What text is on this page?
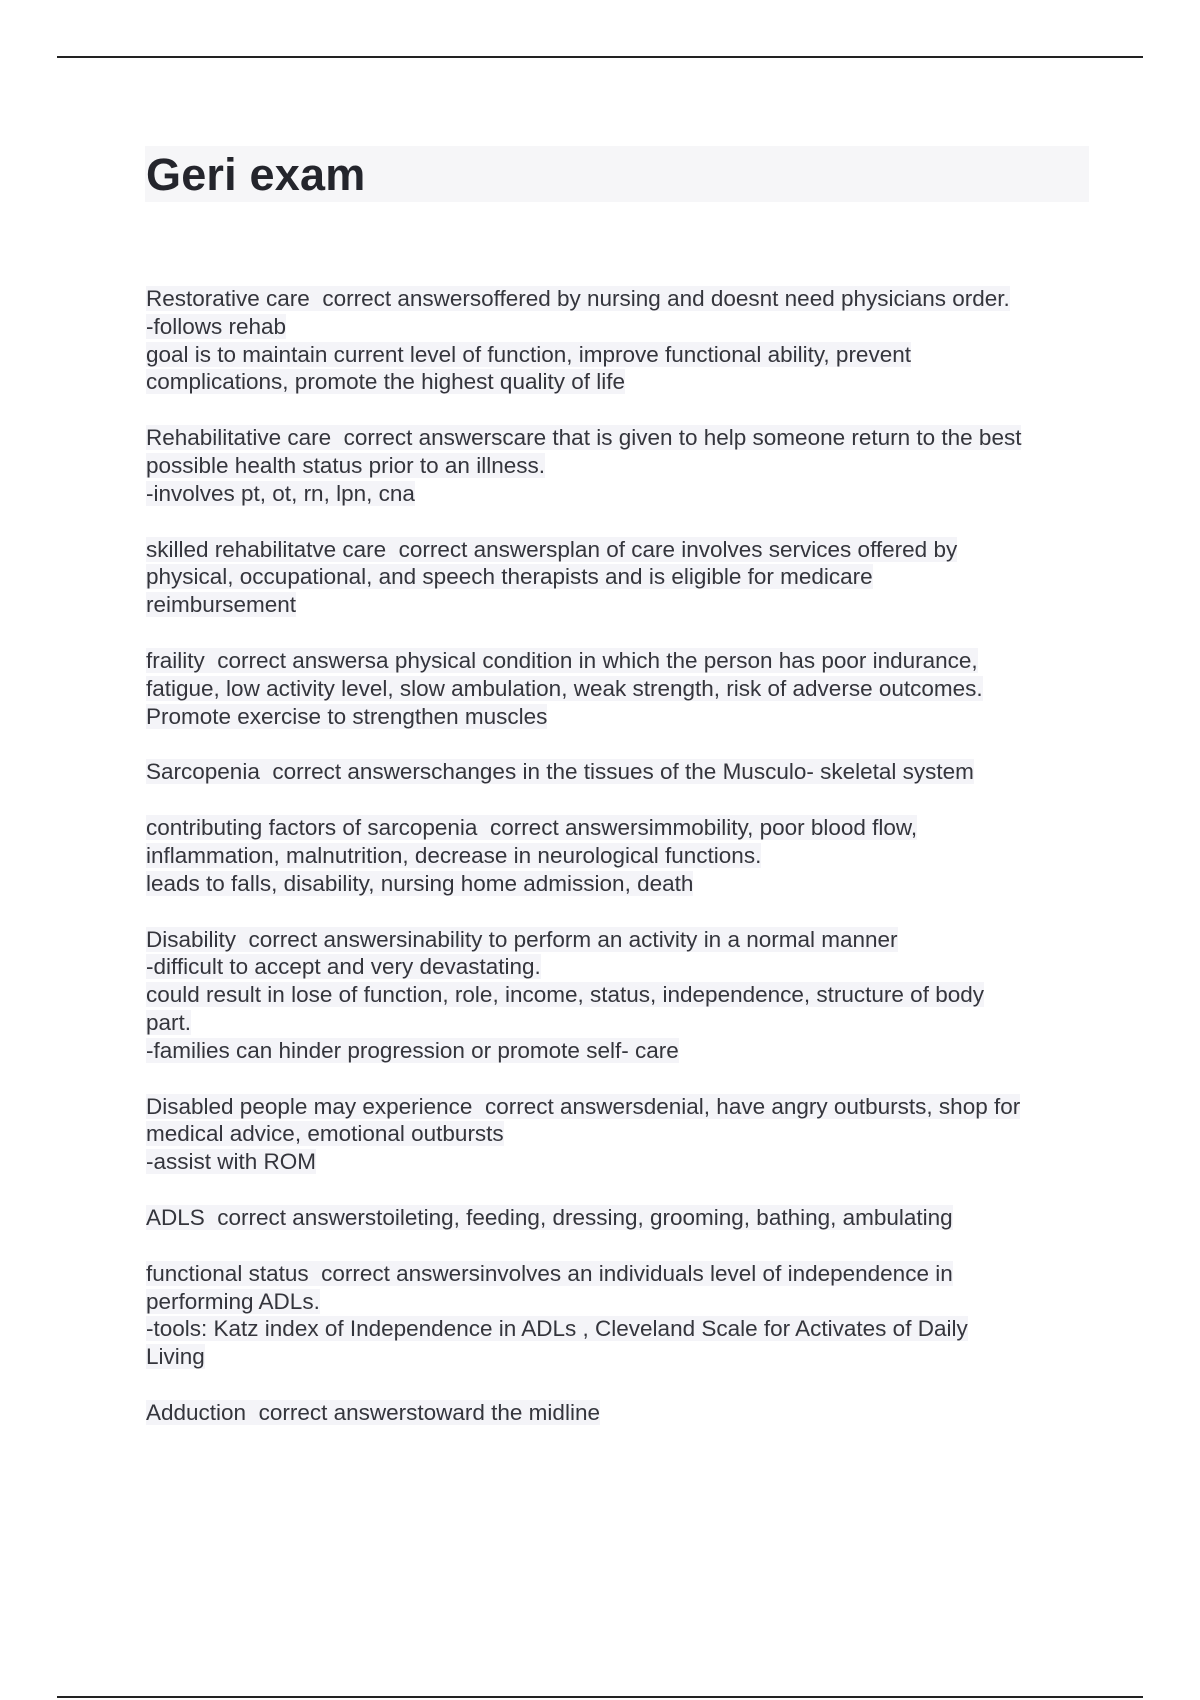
Geri exam
Restorative care  correct answersoffered by nursing and doesnt need physicians order.
-follows rehab
goal is to maintain current level of function, improve functional ability, prevent
complications, promote the highest quality of life
Rehabilitative care  correct answerscare that is given to help someone return to the best
possible health status prior to an illness.
-involves pt, ot, rn, lpn, cna
skilled rehabilitatve care  correct answersplan of care involves services offered by
physical, occupational, and speech therapists and is eligible for medicare
reimbursement
fraility  correct answersa physical condition in which the person has poor indurance,
fatigue, low activity level, slow ambulation, weak strength, risk of adverse outcomes.
Promote exercise to strengthen muscles
Sarcopenia  correct answerschanges in the tissues of the Musculo- skeletal system
contributing factors of sarcopenia  correct answersimmobility, poor blood flow,
inflammation, malnutrition, decrease in neurological functions.
leads to falls, disability, nursing home admission, death
Disability  correct answersinability to perform an activity in a normal manner
-difficult to accept and very devastating.
could result in lose of function, role, income, status, independence, structure of body
part.
-families can hinder progression or promote self- care
Disabled people may experience  correct answersdenial, have angry outbursts, shop for
medical advice, emotional outbursts
-assist with ROM
ADLS  correct answerstoileting, feeding, dressing, grooming, bathing, ambulating
functional status  correct answersinvolves an individuals level of independence in
performing ADLs.
-tools: Katz index of Independence in ADLs , Cleveland Scale for Activates of Daily
Living
Adduction  correct answerstoward the midline
